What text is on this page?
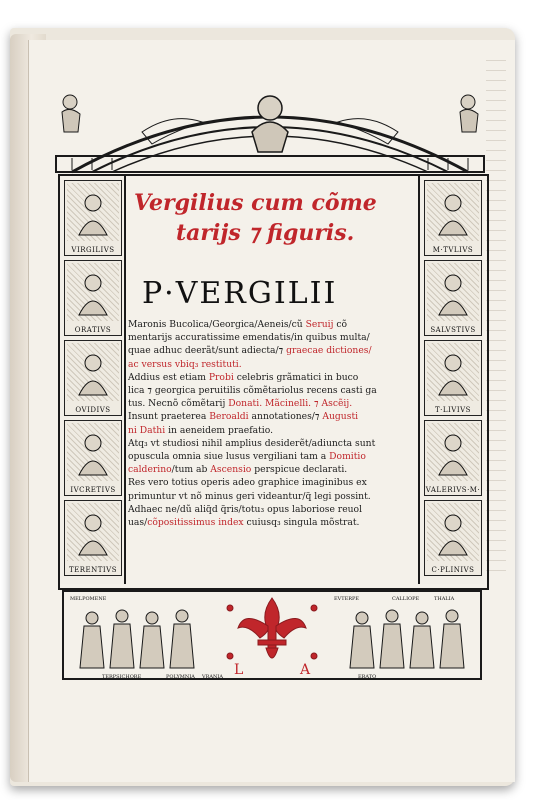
VIRGILIVS
ORATIVS
OVIDIVS
IVCRETIVS
TERENTIVS
M·TVLIVS
SALVSTIVS
T·LIVIVS
VALERIVS·M·
C·PLINIVS
Vergilius cum cõme
tarijs ⁊ figuris.
P·VERGILII

Maronis Bucolica/Georgica/Aeneis/cũ Seruij cõ

mentarijs accuratissime emendatis/in quibus multa/

quae adhuc deerãt/sunt adiecta/⁊ graecae dictiones/

ac versus vbiq₃ restituti.

Addius est etiam Probi celebris grãmatici in buco

lica ⁊ georgica peruitilis cõmẽtariolus recens casti ga

tus. Necnõ cõmẽtarij Donati. Mãcinelli. ⁊ Ascẽij.

Insunt praeterea Beroaldi annotationes/⁊ Augusti

ni Dathi in aeneidem praefatio.

Atq₃ vt studiosi nihil amplius desiderẽt/adiuncta sunt

opuscula omnia siue lusus vergiliani tam a Domitio

calderino/tum ab Ascensio perspicue declarati.

Res vero totius operis adeo graphice imaginibus ex

primuntur vt nõ minus geri videantur/q̃ legi possint.

Adhaec ne/dũ aliq̃d q̃ris/totu₃ opus laboriose reuol

uas/cõpositissimus index cuiusq₃ singula mõstrat.

L	A
MELPOMENE	EVTERPE	CALLIOPE	THALIA
POLYMNIA VRANIA
TERPSICHORE	ERATO
